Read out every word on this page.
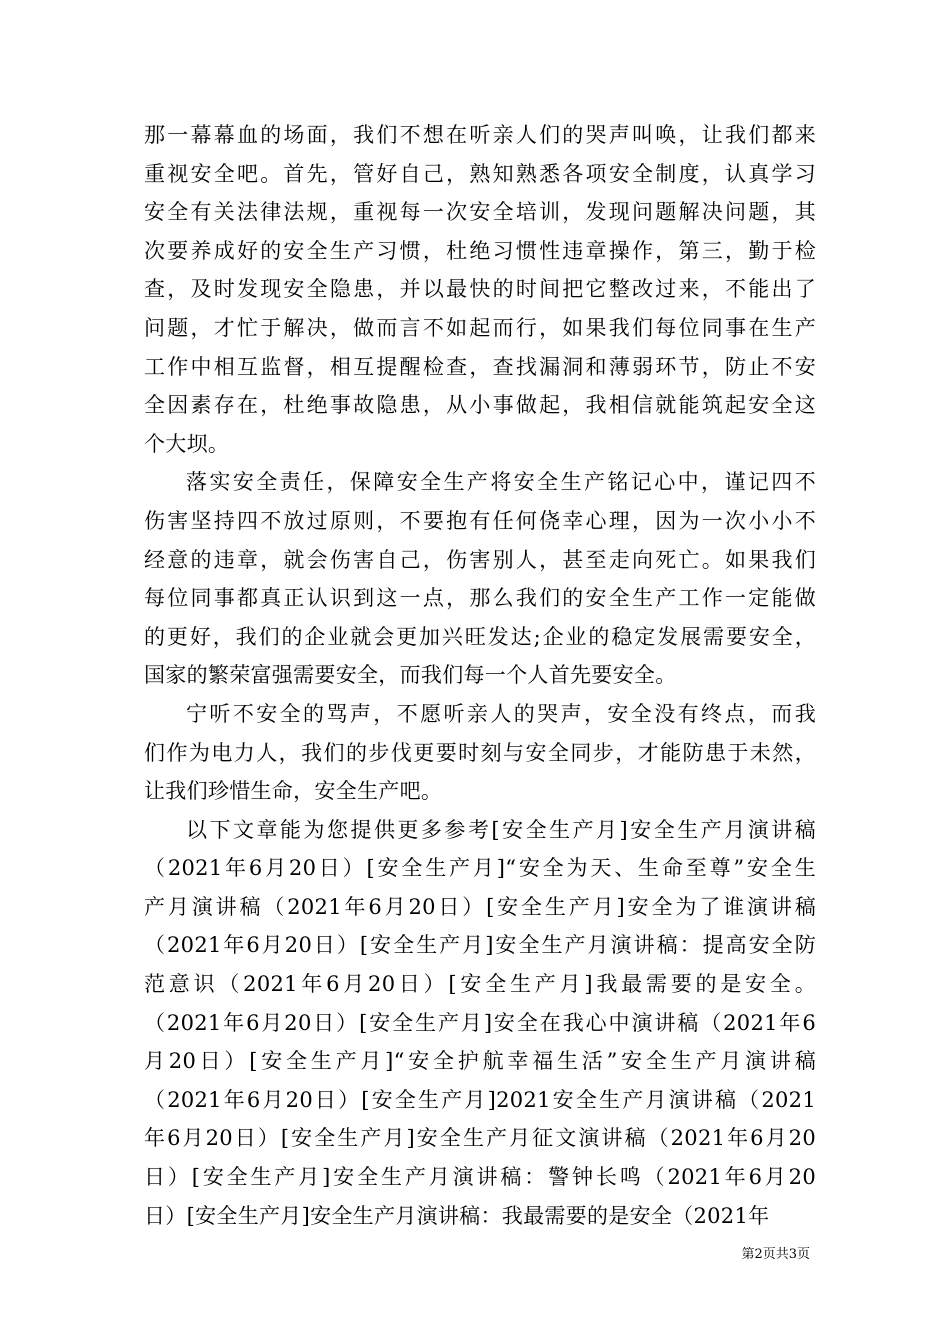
那一幕幕血的场面，我们不想在听亲人们的哭声叫唤，让我们都来
重视安全吧。首先，管好自己，熟知熟悉各项安全制度，认真学习
安全有关法律法规，重视每一次安全培训，发现问题解决问题，其
次要养成好的安全生产习惯，杜绝习惯性违章操作，第三，勤于检
查，及时发现安全隐患，并以最快的时间把它整改过来，不能出了
问题，才忙于解决，做而言不如起而行，如果我们每位同事在生产
工作中相互监督，相互提醒检查，查找漏洞和薄弱环节，防止不安
全因素存在，杜绝事故隐患，从小事做起，我相信就能筑起安全这
个大坝。
落实安全责任，保障安全生产将安全生产铭记心中，谨记四不
伤害坚持四不放过原则，不要抱有任何侥幸心理，因为一次小小不
经意的违章，就会伤害自己，伤害别人，甚至走向死亡。如果我们
每位同事都真正认识到这一点，那么我们的安全生产工作一定能做
的更好，我们的企业就会更加兴旺发达;企业的稳定发展需要安全，
国家的繁荣富强需要安全，而我们每一个人首先要安全。
宁听不安全的骂声，不愿听亲人的哭声，安全没有终点，而我
们作为电力人，我们的步伐更要时刻与安全同步，才能防患于未然，
让我们珍惜生命，安全生产吧。
以下文章能为您提供更多参考[安全生产月]安全生产月演讲稿
（2021年6月20日）[安全生产月]“安全为天、生命至尊”安全生
产月演讲稿（2021年6月20日）[安全生产月]安全为了谁演讲稿
（2021年6月20日）[安全生产月]安全生产月演讲稿：提高安全防
范意识（2021年6月20日）[安全生产月]我最需要的是安全。
（2021年6月20日）[安全生产月]安全在我心中演讲稿（2021年6
月20日）[安全生产月]“安全护航幸福生活”安全生产月演讲稿
（2021年6月20日）[安全生产月]2021安全生产月演讲稿（2021
年6月20日）[安全生产月]安全生产月征文演讲稿（2021年6月20
日）[安全生产月]安全生产月演讲稿：警钟长鸣（2021年6月20
日）[安全生产月]安全生产月演讲稿：我最需要的是安全（2021年
第2页共3页
